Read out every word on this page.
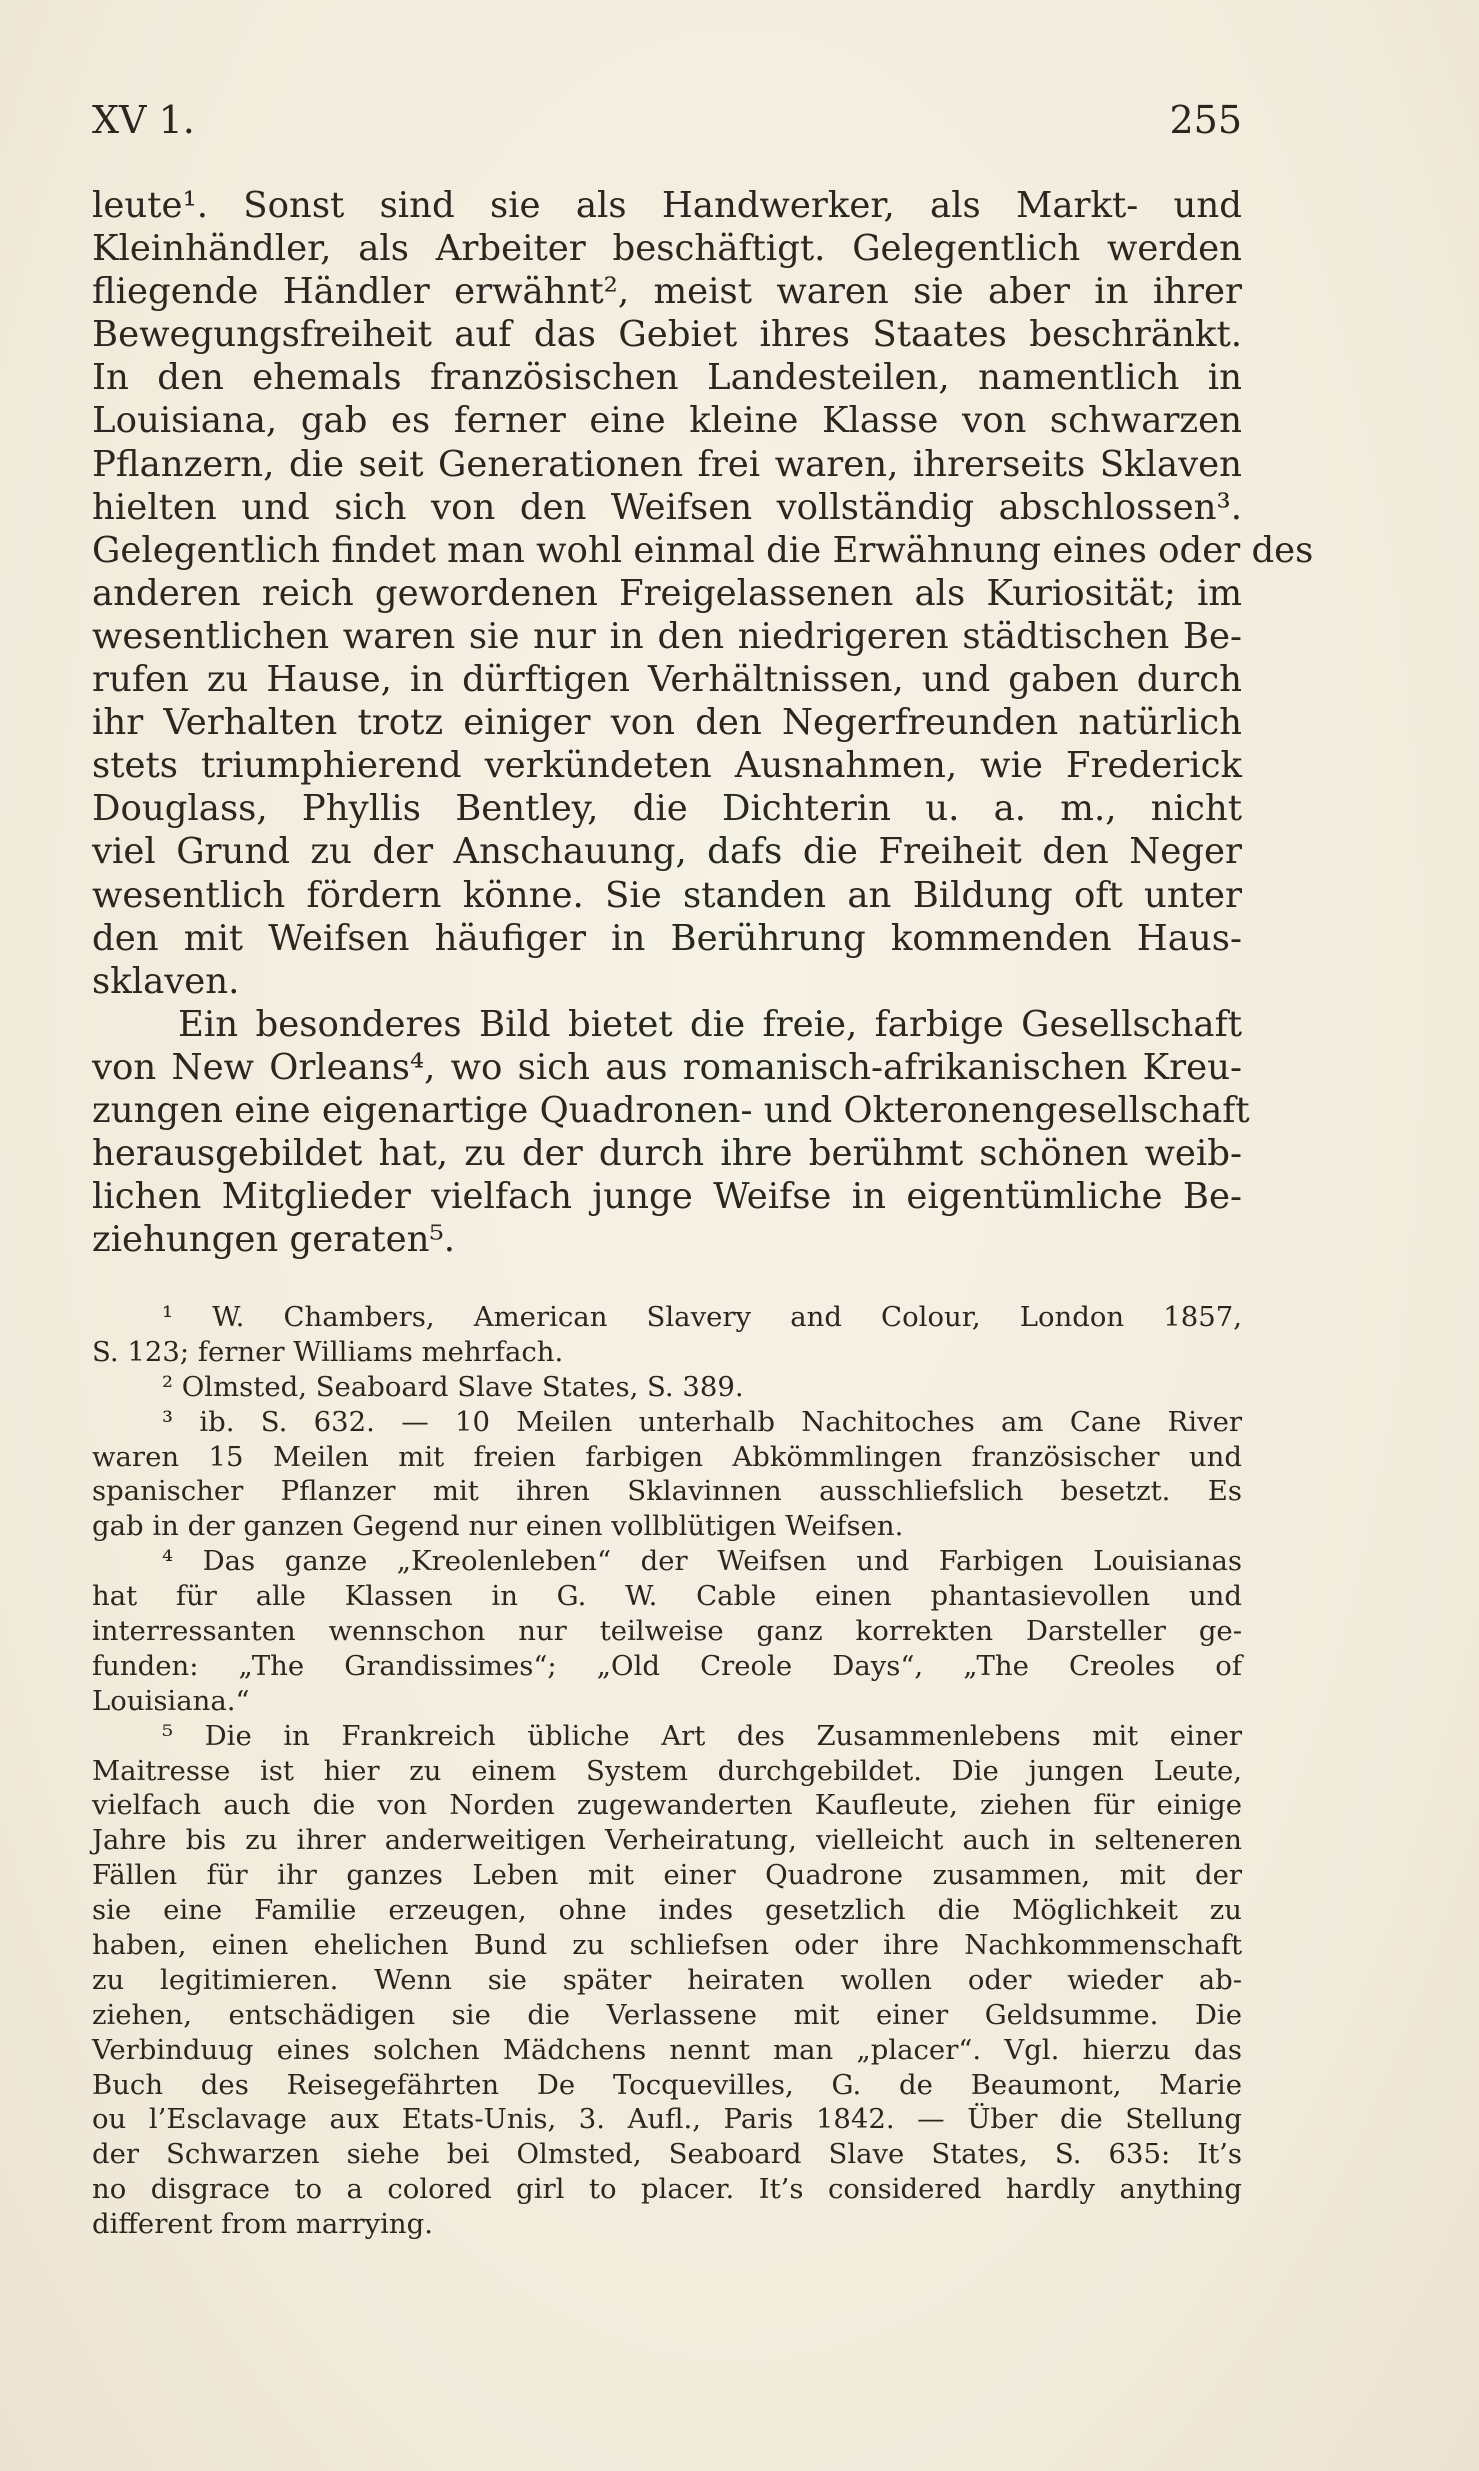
XV 1.	255
leute¹. Sonst sind sie als Handwerker, als Markt- und
Kleinhändler, als Arbeiter beschäftigt. Gelegentlich werden
fliegende Händler erwähnt², meist waren sie aber in ihrer
Bewegungsfreiheit auf das Gebiet ihres Staates beschränkt.
In den ehemals französischen Landesteilen, namentlich in
Louisiana, gab es ferner eine kleine Klasse von schwarzen
Pflanzern, die seit Generationen frei waren, ihrerseits Sklaven
hielten und sich von den Weifsen vollständig abschlossen³.
Gelegentlich findet man wohl einmal die Erwähnung eines oder des
anderen reich gewordenen Freigelassenen als Kuriosität; im
wesentlichen waren sie nur in den niedrigeren städtischen Be-
rufen zu Hause, in dürftigen Verhältnissen, und gaben durch
ihr Verhalten trotz einiger von den Negerfreunden natürlich
stets triumphierend verkündeten Ausnahmen, wie Frederick
Douglass, Phyllis Bentley, die Dichterin u. a. m., nicht
viel Grund zu der Anschauung, dafs die Freiheit den Neger
wesentlich fördern könne. Sie standen an Bildung oft unter
den mit Weifsen häufiger in Berührung kommenden Haus-
sklaven.
Ein besonderes Bild bietet die freie, farbige Gesellschaft
von New Orleans⁴, wo sich aus romanisch-afrikanischen Kreu-
zungen eine eigenartige Quadronen- und Okteronengesellschaft
herausgebildet hat, zu der durch ihre berühmt schönen weib-
lichen Mitglieder vielfach junge Weifse in eigentümliche Be-
ziehungen geraten⁵.
¹ W. Chambers, American Slavery and Colour, London 1857,
S. 123; ferner Williams mehrfach.
² Olmsted, Seaboard Slave States, S. 389.
³ ib. S. 632. — 10 Meilen unterhalb Nachitoches am Cane River
waren 15 Meilen mit freien farbigen Abkömmlingen französischer und
spanischer Pflanzer mit ihren Sklavinnen ausschliefslich besetzt. Es
gab in der ganzen Gegend nur einen vollblütigen Weifsen.
⁴ Das ganze „Kreolenleben“ der Weifsen und Farbigen Louisianas
hat für alle Klassen in G. W. Cable einen phantasievollen und
interressanten wennschon nur teilweise ganz korrekten Darsteller ge-
funden: „The Grandissimes“; „Old Creole Days“, „The Creoles of
Louisiana.“
⁵ Die in Frankreich übliche Art des Zusammenlebens mit einer
Maitresse ist hier zu einem System durchgebildet. Die jungen Leute,
vielfach auch die von Norden zugewanderten Kaufleute, ziehen für einige
Jahre bis zu ihrer anderweitigen Verheiratung, vielleicht auch in selteneren
Fällen für ihr ganzes Leben mit einer Quadrone zusammen, mit der
sie eine Familie erzeugen, ohne indes gesetzlich die Möglichkeit zu
haben, einen ehelichen Bund zu schliefsen oder ihre Nachkommenschaft
zu legitimieren. Wenn sie später heiraten wollen oder wieder ab-
ziehen, entschädigen sie die Verlassene mit einer Geldsumme. Die
Verbinduug eines solchen Mädchens nennt man „placer“. Vgl. hierzu das
Buch des Reisegefährten De Tocquevilles, G. de Beaumont, Marie
ou l’Esclavage aux Etats-Unis, 3. Aufl., Paris 1842. — Über die Stellung
der Schwarzen siehe bei Olmsted, Seaboard Slave States, S. 635: It’s
no disgrace to a colored girl to placer. It’s considered hardly anything
different from marrying.
